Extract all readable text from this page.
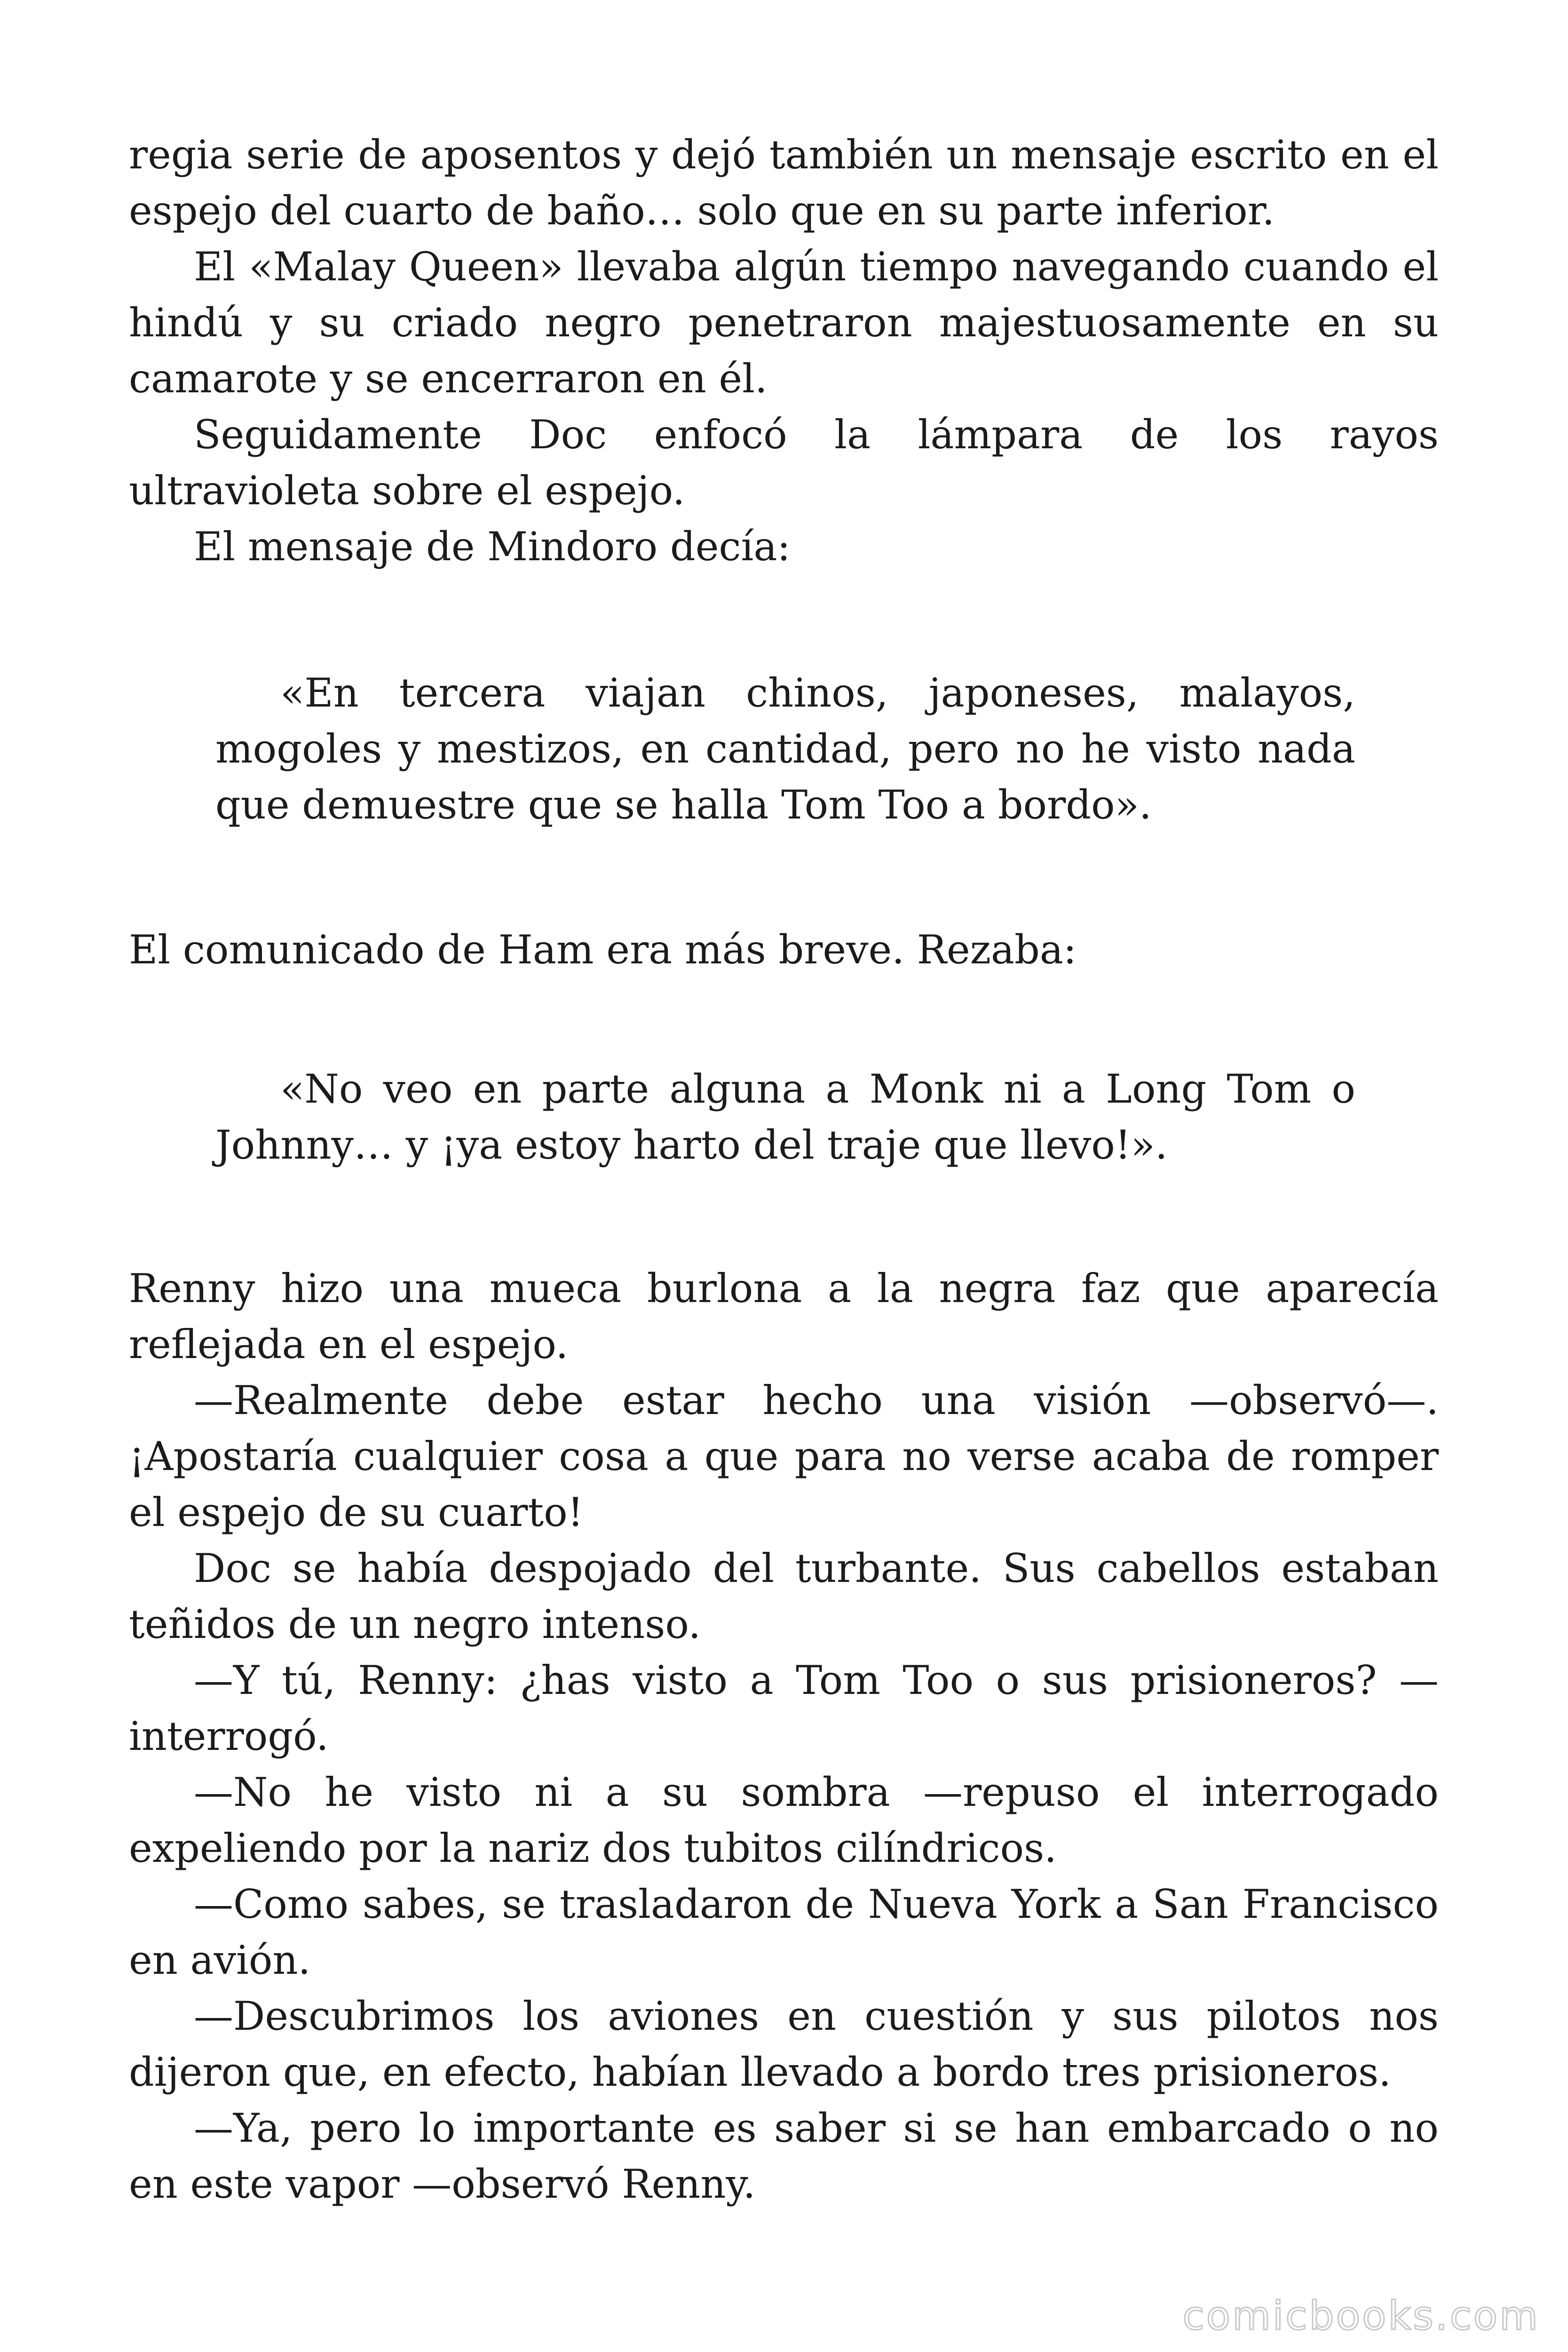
regia serie de aposentos y dejó también un mensaje escrito en el espejo del cuarto de baño… solo que en su parte inferior.

El «Malay Queen» llevaba algún tiempo navegando cuando el hindú y su criado negro penetraron majestuosamente en su camarote y se encerraron en él.

Seguidamente Doc enfocó la lámpara de los rayos ultravioleta sobre el espejo.

El mensaje de Mindoro decía:

«En tercera viajan chinos, japoneses, malayos, mogoles y mestizos, en cantidad, pero no he visto nada que demuestre que se halla Tom Too a bordo».

El comunicado de Ham era más breve. Rezaba:

«No veo en parte alguna a Monk ni a Long Tom o Johnny… y ¡ya estoy harto del traje que llevo!».

Renny hizo una mueca burlona a la negra faz que aparecía reflejada en el espejo.

—Realmente debe estar hecho una visión —observó—. ¡Apostaría cualquier cosa a que para no verse acaba de romper el espejo de su cuarto!

Doc se había despojado del turbante. Sus cabellos estaban teñidos de un negro intenso.

—Y tú, Renny: ¿has visto a Tom Too o sus prisioneros? —interrogó.

—No he visto ni a su sombra —repuso el interrogado expeliendo por la nariz dos tubitos cilíndricos.

—Como sabes, se trasladaron de Nueva York a San Francisco en avión.

—Descubrimos los aviones en cuestión y sus pilotos nos dijeron que, en efecto, habían llevado a bordo tres prisioneros.

—Ya, pero lo importante es saber si se han embarcado o no en este vapor —observó Renny.

comicbooks.com
